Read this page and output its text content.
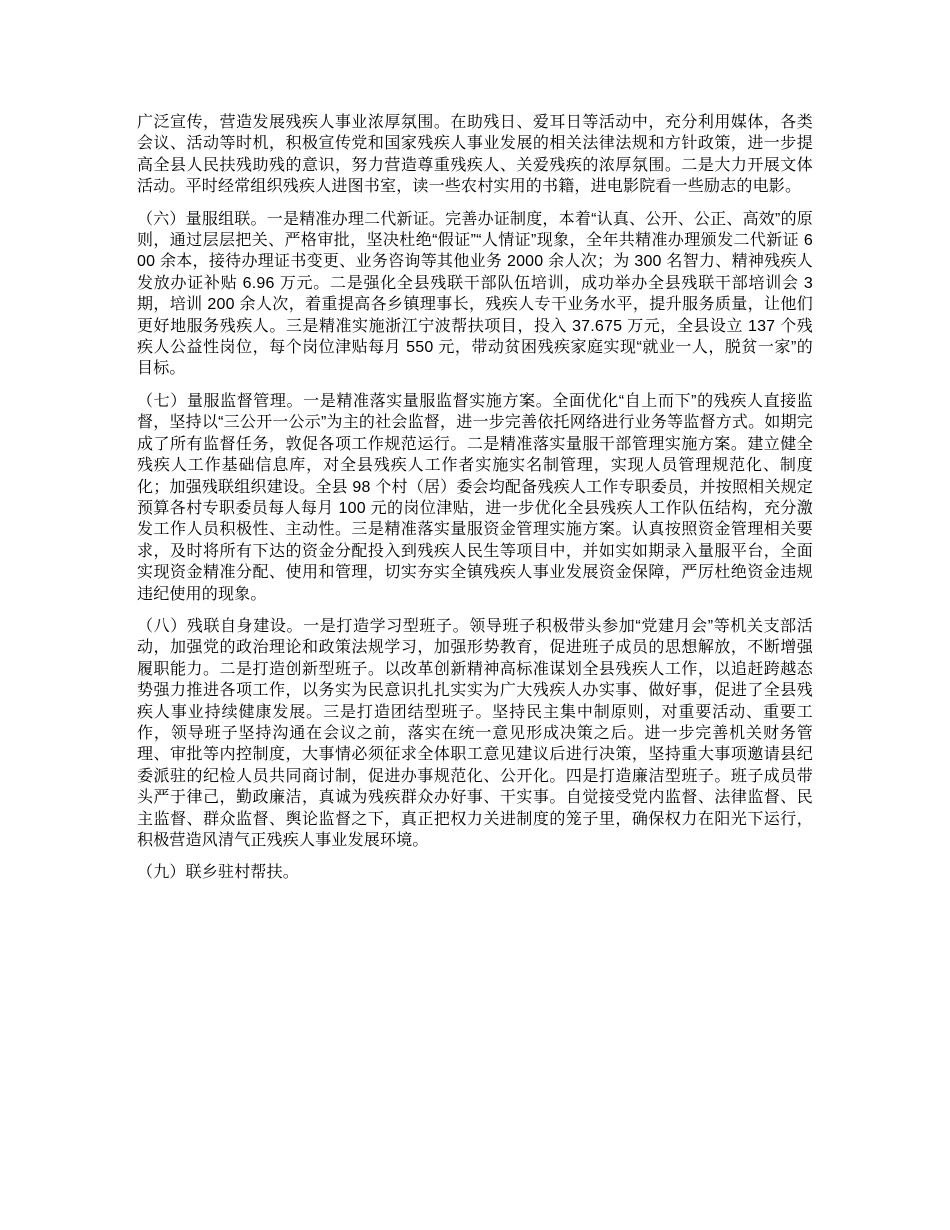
广泛宣传，营造发展残疾人事业浓厚氛围。在助残日、爱耳日等活动中，充分利用媒体，各类会议、活动等时机，积极宣传党和国家残疾人事业发展的相关法律法规和方针政策，进一步提高全县人民扶残助残的意识，努力营造尊重残疾人、关爱残疾的浓厚氛围。二是大力开展文体活动。平时经常组织残疾人进图书室，读一些农村实用的书籍，进电影院看一些励志的电影。

（六）量服组联。一是精准办理二代新证。完善办证制度，本着“认真、公开、公正、高效”的原则，通过层层把关、严格审批，坚决杜绝“假证”“人情证”现象，全年共精准办理颁发二代新证 600 余本，接待办理证书变更、业务咨询等其他业务 2000 余人次；为 300 名智力、精神残疾人发放办证补贴 6.96 万元。二是强化全县残联干部队伍培训，成功举办全县残联干部培训会 3 期，培训 200 余人次，着重提高各乡镇理事长，残疾人专干业务水平，提升服务质量，让他们更好地服务残疾人。三是精准实施浙江宁波帮扶项目，投入 37.675 万元，全县设立 137 个残疾人公益性岗位，每个岗位津贴每月 550 元，带动贫困残疾家庭实现“就业一人，脱贫一家”的目标。

（七）量服监督管理。一是精准落实量服监督实施方案。全面优化“自上而下”的残疾人直接监督，坚持以“三公开一公示”为主的社会监督，进一步完善依托网络进行业务等监督方式。如期完成了所有监督任务，敦促各项工作规范运行。二是精准落实量服干部管理实施方案。建立健全残疾人工作基础信息库，对全县残疾人工作者实施实名制管理，实现人员管理规范化、制度化；加强残联组织建设。全县 98 个村（居）委会均配备残疾人工作专职委员，并按照相关规定预算各村专职委员每人每月 100 元的岗位津贴，进一步优化全县残疾人工作队伍结构，充分激发工作人员积极性、主动性。三是精准落实量服资金管理实施方案。认真按照资金管理相关要求，及时将所有下达的资金分配投入到残疾人民生等项目中，并如实如期录入量服平台，全面实现资金精准分配、使用和管理，切实夯实全镇残疾人事业发展资金保障，严厉杜绝资金违规违纪使用的现象。

（八）残联自身建设。一是打造学习型班子。领导班子积极带头参加“党建月会”等机关支部活动，加强党的政治理论和政策法规学习，加强形势教育，促进班子成员的思想解放，不断增强履职能力。二是打造创新型班子。以改革创新精神高标准谋划全县残疾人工作，以追赶跨越态势强力推进各项工作，以务实为民意识扎扎实实为广大残疾人办实事、做好事，促进了全县残疾人事业持续健康发展。三是打造团结型班子。坚持民主集中制原则，对重要活动、重要工作，领导班子坚持沟通在会议之前，落实在统一意见形成决策之后。进一步完善机关财务管理、审批等内控制度，大事情必须征求全体职工意见建议后进行决策，坚持重大事项邀请县纪委派驻的纪检人员共同商讨制，促进办事规范化、公开化。四是打造廉洁型班子。班子成员带头严于律己，勤政廉洁，真诚为残疾群众办好事、干实事。自觉接受党内监督、法律监督、民主监督、群众监督、舆论监督之下，真正把权力关进制度的笼子里，确保权力在阳光下运行，积极营造风清气正残疾人事业发展环境。

（九）联乡驻村帮扶。
